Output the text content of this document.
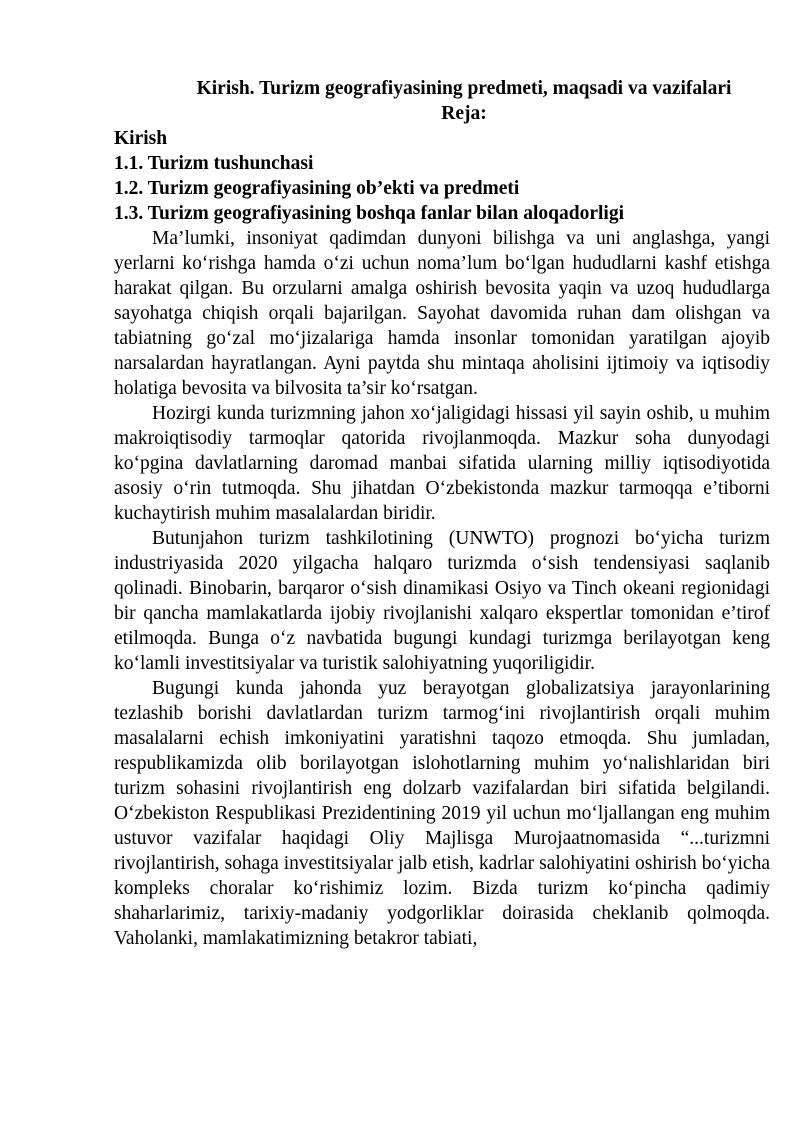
Kirish. Turizm geografiyasining predmeti, maqsadi va vazifalari
Reja:
Kirish
1.1. Turizm tushunchasi
1.2. Turizm geografiyasining ob’ekti va predmeti
1.3. Turizm geografiyasining boshqa fanlar bilan aloqadorligi

Ma’lumki, insoniyat qadimdan dunyoni bilishga va uni anglashga, yangi yerlarni ko‘rishga hamda o‘zi uchun noma’lum bo‘lgan hududlarni kashf etishga harakat qilgan. Bu orzularni amalga oshirish bevosita yaqin va uzoq hududlarga sayohatga chiqish orqali bajarilgan. Sayohat davomida ruhan dam olishgan va tabiatning go‘zal mo‘jizalariga hamda insonlar tomonidan yaratilgan ajoyib narsalardan hayratlangan. Ayni paytda shu mintaqa aholisini ijtimoiy va iqtisodiy holatiga bevosita va bilvosita ta’sir ko‘rsatgan.

Hozirgi kunda turizmning jahon xo‘jaligidagi hissasi yil sayin oshib, u muhim makroiqtisodiy tarmoqlar qatorida rivojlanmoqda. Mazkur soha dunyodagi ko‘pgina davlatlarning daromad manbai sifatida ularning milliy iqtisodiyotida asosiy o‘rin tutmoqda. Shu jihatdan O‘zbekistonda mazkur tarmoqqa e’tiborni kuchaytirish muhim masalalardan biridir.

Butunjahon turizm tashkilotining (UNWTO) prognozi bo‘yicha turizm industriyasida 2020 yilgacha halqaro turizmda o‘sish tendensiyasi saqlanib qolinadi. Binobarin, barqaror o‘sish dinamikasi Osiyo va Tinch okeani regionidagi bir qancha mamlakatlarda ijobiy rivojlanishi xalqaro ekspertlar tomonidan e’tirof etilmoqda. Bunga o‘z navbatida bugungi kundagi turizmga berilayotgan keng ko‘lamli investitsiyalar va turistik salohiyatning yuqoriligidir.

Bugungi kunda jahonda yuz berayotgan globalizatsiya jarayonlarining tezlashib borishi davlatlardan turizm tarmog‘ini rivojlantirish orqali muhim masalalarni echish imkoniyatini yaratishni taqozo etmoqda. Shu jumladan, respublikamizda olib borilayotgan islohotlarning muhim yo‘nalishlaridan biri turizm sohasini rivojlantirish eng dolzarb vazifalardan biri sifatida belgilandi. O‘zbekiston Respublikasi Prezidentining 2019 yil uchun mo‘ljallangan eng muhim ustuvor vazifalar haqidagi Oliy Majlisga Murojaatnomasida “...turizmni rivojlantirish, sohaga investitsiyalar jalb etish, kadrlar salohiyatini oshirish bo‘yicha kompleks choralar ko‘rishimiz lozim. Bizda turizm ko‘pincha qadimiy shaharlarimiz, tarixiy-madaniy yodgorliklar doirasida cheklanib qolmoqda. Vaholanki, mamlakatimizning betakror tabiati,
